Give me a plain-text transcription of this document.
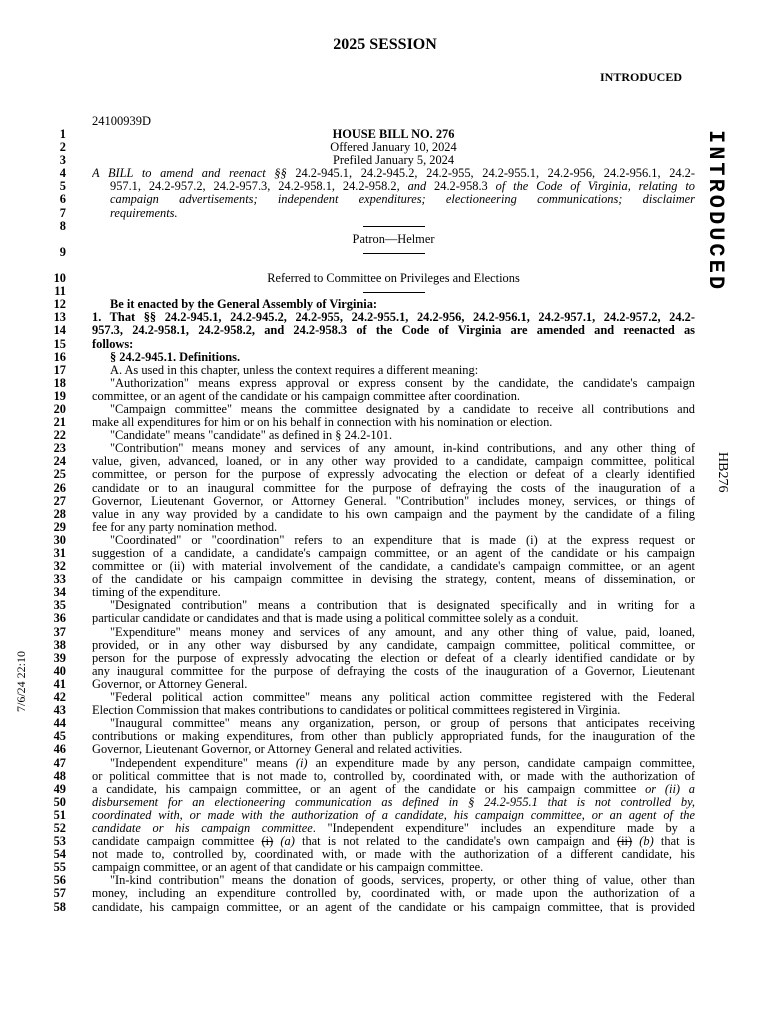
2025 SESSION
INTRODUCED
24100939D
1	HOUSE BILL NO. 276
2	Offered January 10, 2024
3	Prefiled January 5, 2024
4 A BILL to amend and reenact §§ 24.2-945.1, 24.2-945.2, 24.2-955, 24.2-955.1, 24.2-956, 24.2-956.1, 24.2-
5	957.1, 24.2-957.2, 24.2-957.3, 24.2-958.1, 24.2-958.2, and 24.2-958.3 of the Code of Virginia, relating to
6	campaign advertisements; independent expenditures; electioneering communications; disclaimer
7	requirements.
8
Patron—Helmer
9
10	Referred to Committee on Privileges and Elections
11
12	Be it enacted by the General Assembly of Virginia:
13 1. That §§ 24.2-945.1, 24.2-945.2, 24.2-955, 24.2-955.1, 24.2-956, 24.2-956.1, 24.2-957.1, 24.2-957.2, 24.2-
14 957.3, 24.2-958.1, 24.2-958.2, and 24.2-958.3 of the Code of Virginia are amended and reenacted as
15 follows:
16	§ 24.2-945.1. Definitions.
17	A. As used in this chapter, unless the context requires a different meaning:
18	"Authorization" means express approval or express consent by the candidate, the candidate's campaign
19 committee, or an agent of the candidate or his campaign committee after coordination.
20	"Campaign committee" means the committee designated by a candidate to receive all contributions and
21 make all expenditures for him or on his behalf in connection with his nomination or election.
22	"Candidate" means "candidate" as defined in § 24.2-101.
23	"Contribution" means money and services of any amount, in-kind contributions, and any other thing of
24 value, given, advanced, loaned, or in any other way provided to a candidate, campaign committee, political
25 committee, or person for the purpose of expressly advocating the election or defeat of a clearly identified
26 candidate or to an inaugural committee for the purpose of defraying the costs of the inauguration of a
27 Governor, Lieutenant Governor, or Attorney General. "Contribution" includes money, services, or things of
28 value in any way provided by a candidate to his own campaign and the payment by the candidate of a filing
29 fee for any party nomination method.
30	"Coordinated" or "coordination" refers to an expenditure that is made (i) at the express request or
31 suggestion of a candidate, a candidate's campaign committee, or an agent of the candidate or his campaign
32 committee or (ii) with material involvement of the candidate, a candidate's campaign committee, or an agent
33 of the candidate or his campaign committee in devising the strategy, content, means of dissemination, or
34 timing of the expenditure.
35	"Designated contribution" means a contribution that is designated specifically and in writing for a
36 particular candidate or candidates and that is made using a political committee solely as a conduit.
37	"Expenditure" means money and services of any amount, and any other thing of value, paid, loaned,
38 provided, or in any other way disbursed by any candidate, campaign committee, political committee, or
39 person for the purpose of expressly advocating the election or defeat of a clearly identified candidate or by
40 any inaugural committee for the purpose of defraying the costs of the inauguration of a Governor, Lieutenant
41 Governor, or Attorney General.
42	"Federal political action committee" means any political action committee registered with the Federal
43 Election Commission that makes contributions to candidates or political committees registered in Virginia.
44	"Inaugural committee" means any organization, person, or group of persons that anticipates receiving
45 contributions or making expenditures, from other than publicly appropriated funds, for the inauguration of the
46 Governor, Lieutenant Governor, or Attorney General and related activities.
47	"Independent expenditure" means (i) an expenditure made by any person, candidate campaign committee,
48 or political committee that is not made to, controlled by, coordinated with, or made with the authorization of
49 a candidate, his campaign committee, or an agent of the candidate or his campaign committee or (ii) a
50 disbursement for an electioneering communication as defined in § 24.2-955.1 that is not controlled by,
51 coordinated with, or made with the authorization of a candidate, his campaign committee, or an agent of the
52 candidate or his campaign committee. "Independent expenditure" includes an expenditure made by a
53 candidate campaign committee (i) (a) that is not related to the candidate's own campaign and (ii) (b) that is
54 not made to, controlled by, coordinated with, or made with the authorization of a different candidate, his
55 campaign committee, or an agent of that candidate or his campaign committee.
56	"In-kind contribution" means the donation of goods, services, property, or other thing of value, other than
57 money, including an expenditure controlled by, coordinated with, or made upon the authorization of a
58 candidate, his campaign committee, or an agent of the candidate or his campaign committee, that is provided
INTRODUCED
HB276
7/6/24 22:10
